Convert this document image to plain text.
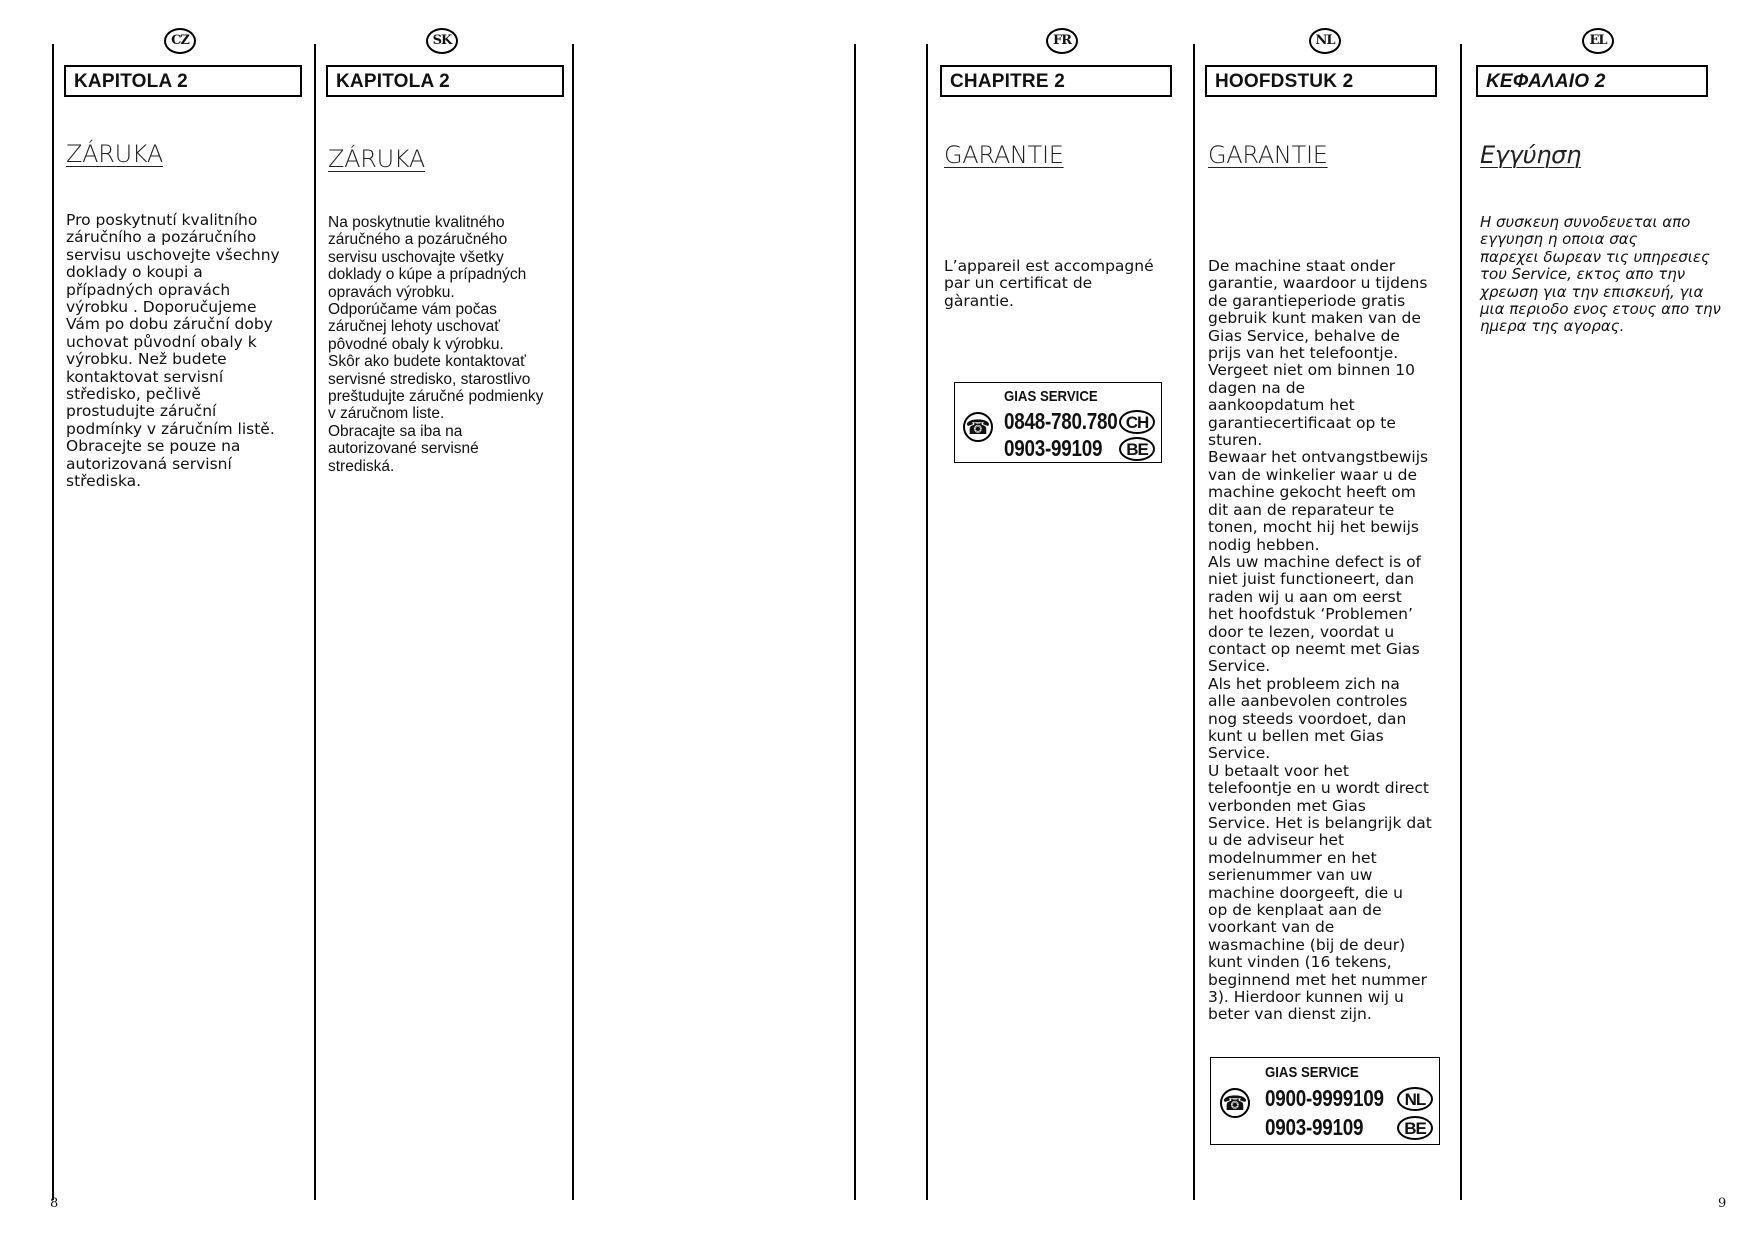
CZ
KAPITOLA 2
ZÁRUKA
Pro poskytnutí kvalitního
záručního a pozáručního
servisu uschovejte všechny
doklady o koupi a
případných opravách
výrobku . Doporučujeme
Vám po dobu záruční doby
uchovat původní obaly k
výrobku. Než budete
kontaktovat servisní
středisko, pečlivě
prostudujte záruční
podmínky v záručním listě.
Obracejte se pouze na
autorizovaná servisní
střediska.
SK
KAPITOLA 2
ZÁRUKA
Na poskytnutie kvalitného
záručného a pozáručného
servisu uschovajte všetky
doklady o kúpe a prípadných
opravách výrobku.
Odporúčame vám počas
záručnej lehoty uschovať
pôvodné obaly k výrobku.
Skôr ako budete kontaktovať
servisné stredisko, starostlivo
preštudujte záručné podmienky
v záručnom liste.
Obracajte sa iba na
autorizované servisné
strediská.
FR
CHAPITRE 2
GARANTIE
L’appareil est accompagné
par un certificat de
gàrantie.
GIAS SERVICE
☎ 0848-780.780 CH
0903-99109	BE
NL
HOOFDSTUK 2
GARANTIE
De machine staat onder
garantie, waardoor u tijdens
de garantieperiode gratis
gebruik kunt maken van de
Gias Service, behalve de
prijs van het telefoontje.
Vergeet niet om binnen 10
dagen na de
aankoopdatum het
garantiecertificaat op te
sturen.
Bewaar het ontvangstbewijs
van de winkelier waar u de
machine gekocht heeft om
dit aan de reparateur te
tonen, mocht hij het bewijs
nodig hebben.
Als uw machine defect is of
niet juist functioneert, dan
raden wij u aan om eerst
het hoofdstuk ‘Problemen’
door te lezen, voordat u
contact op neemt met Gias
Service.
Als het probleem zich na
alle aanbevolen controles
nog steeds voordoet, dan
kunt u bellen met Gias
Service.
U betaalt voor het
telefoontje en u wordt direct
verbonden met Gias
Service. Het is belangrijk dat
u de adviseur het
modelnummer en het
serienummer van uw
machine doorgeeft, die u
op de kenplaat aan de
voorkant van de
wasmachine (bij de deur)
kunt vinden (16 tekens,
beginnend met het nummer
3). Hierdoor kunnen wij u
beter van dienst zijn.
GIAS SERVICE
☎ 0900-9999109	NL
0903-99109	BE
EL
ΚΕΦΑΛΑΙΟ 2
Εγγύηση
Η συσκευη συνοδευεται απο
εγγυηση η οποια σας
παρεχει δωρεαν τις υπηρεσιες
του Service, εκτος απο την
χρεωση για την επισκευή, για
μια περιοδο ενος ετους απο την
ημερα της αγορας.
8	9
